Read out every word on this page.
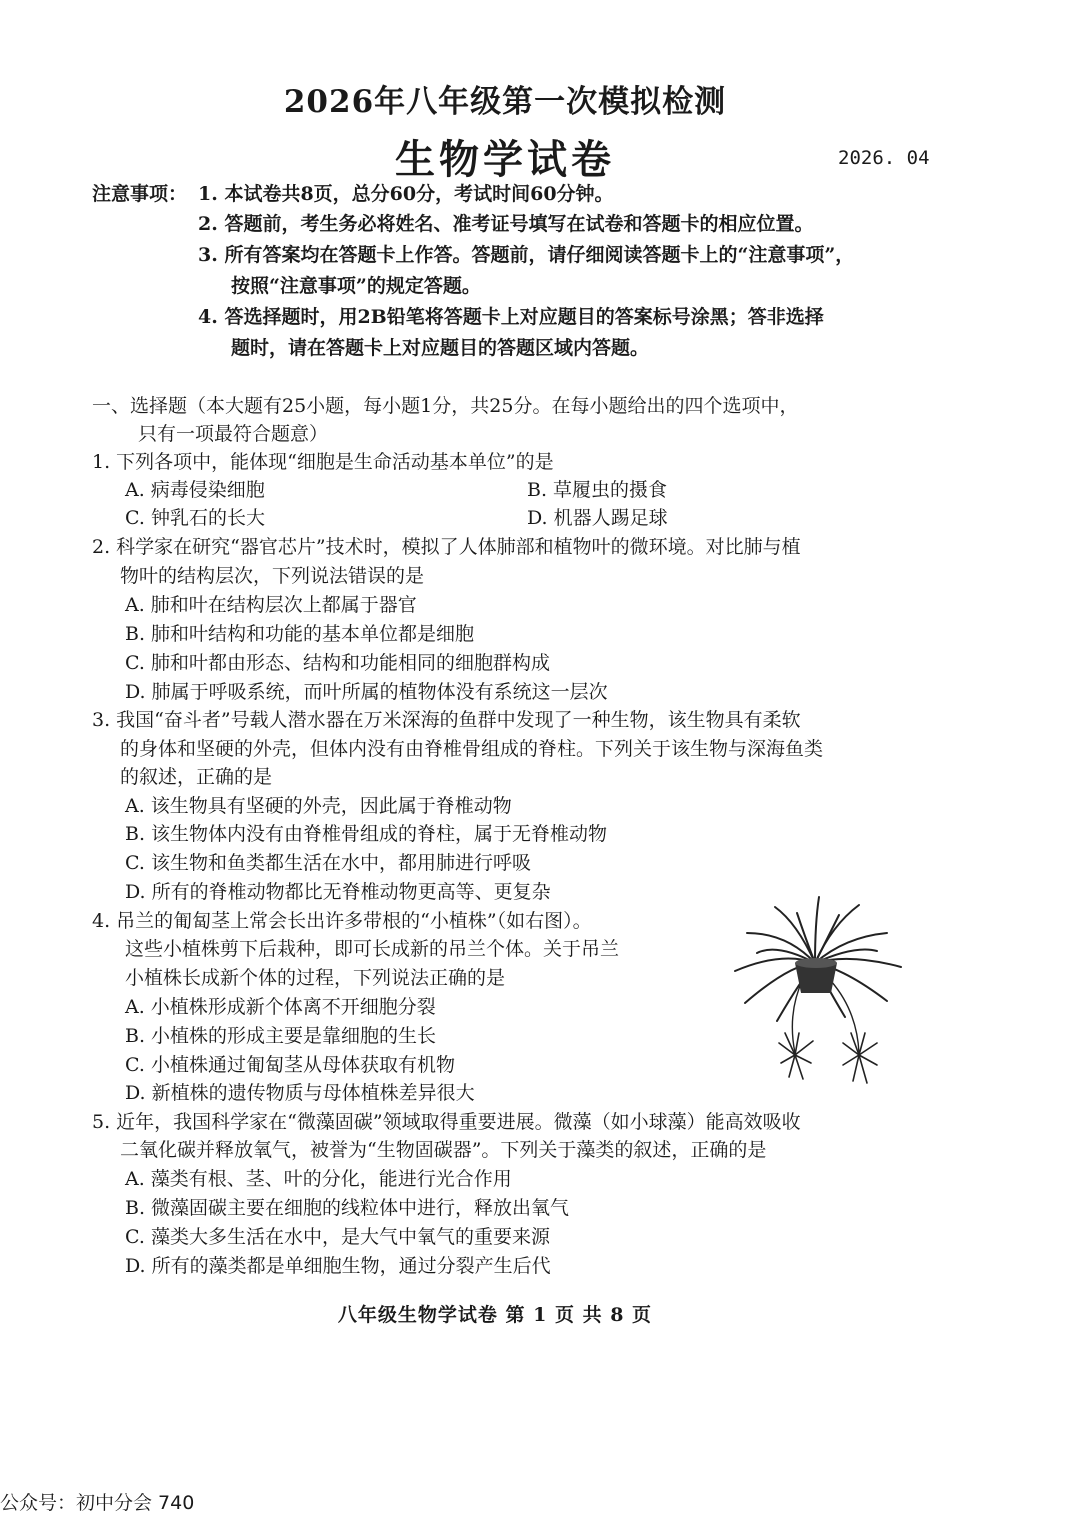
2026年八年级第一次模拟检测
生物学试卷	2026. 04
注意事项： 1. 本试卷共8页，总分60分，考试时间60分钟。
2. 答题前，考生务必将姓名、准考证号填写在试卷和答题卡的相应位置。
3. 所有答案均在答题卡上作答。答题前，请仔细阅读答题卡上的“注意事项”，
按照“注意事项”的规定答题。
4. 答选择题时，用2B铅笔将答题卡上对应题目的答案标号涂黑；答非选择
题时，请在答题卡上对应题目的答题区域内答题。
一、选择题（本大题有25小题，每小题1分，共25分。在每小题给出的四个选项中，
只有一项最符合题意）
1. 下列各项中，能体现“细胞是生命活动基本单位”的是
A. 病毒侵染细胞	B. 草履虫的摄食
C. 钟乳石的长大	D. 机器人踢足球
2. 科学家在研究“器官芯片”技术时，模拟了人体肺部和植物叶的微环境。对比肺与植
物叶的结构层次，下列说法错误的是
A. 肺和叶在结构层次上都属于器官
B. 肺和叶结构和功能的基本单位都是细胞
C. 肺和叶都由形态、结构和功能相同的细胞群构成
D. 肺属于呼吸系统，而叶所属的植物体没有系统这一层次
3. 我国“奋斗者”号载人潜水器在万米深海的鱼群中发现了一种生物，该生物具有柔软
的身体和坚硬的外壳，但体内没有由脊椎骨组成的脊柱。下列关于该生物与深海鱼类
的叙述，正确的是
A. 该生物具有坚硬的外壳，因此属于脊椎动物
B. 该生物体内没有由脊椎骨组成的脊柱，属于无脊椎动物
C. 该生物和鱼类都生活在水中，都用肺进行呼吸
D. 所有的脊椎动物都比无脊椎动物更高等、更复杂
4. 吊兰的匍匐茎上常会长出许多带根的“小植株”（如右图）。
这些小植株剪下后栽种，即可长成新的吊兰个体。关于吊兰
小植株长成新个体的过程，下列说法正确的是
A. 小植株形成新个体离不开细胞分裂
B. 小植株的形成主要是靠细胞的生长
C. 小植株通过匍匐茎从母体获取有机物
D. 新植株的遗传物质与母体植株差异很大
5. 近年，我国科学家在“微藻固碳”领域取得重要进展。微藻（如小球藻）能高效吸收
二氧化碳并释放氧气，被誉为“生物固碳器”。下列关于藻类的叙述，正确的是
A. 藻类有根、茎、叶的分化，能进行光合作用
B. 微藻固碳主要在细胞的线粒体中进行，释放出氧气
C. 藻类大多生活在水中，是大气中氧气的重要来源
D. 所有的藻类都是单细胞生物，通过分裂产生后代
八年级生物学试卷 第 1 页 共 8 页
公众号：初中分会 740
